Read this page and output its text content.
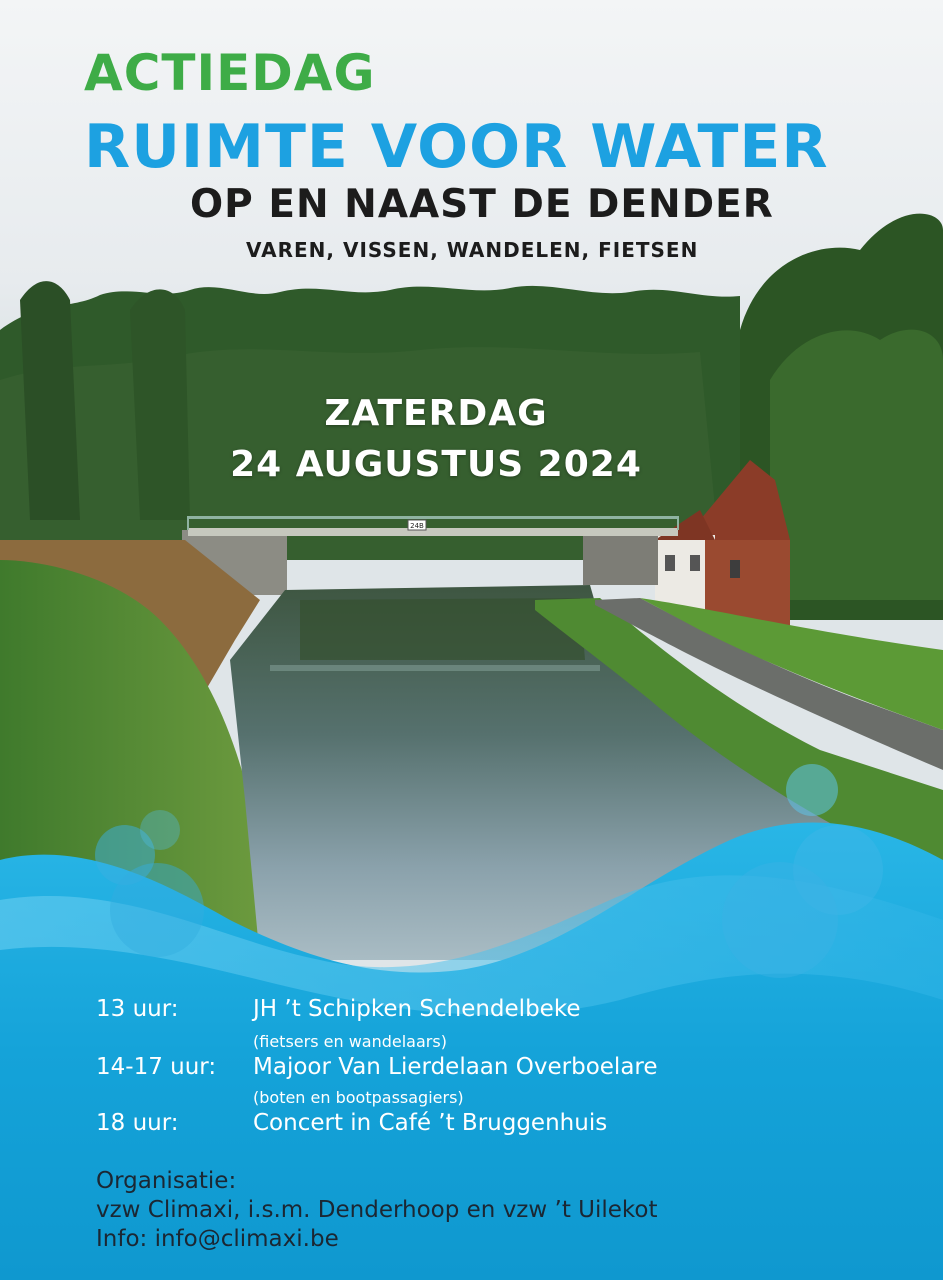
ACTIEDAG
RUIMTE VOOR WATER
OP EN NAAST DE DENDER
VAREN, VISSEN, WANDELEN, FIETSEN
ZATERDAG
24 AUGUSTUS 2024
13 uur:	JH ’t Schipken Schendelbeke
(fietsers en wandelaars)
14-17 uur: Majoor Van Lierdelaan Overboelare
(boten en bootpassagiers)
18 uur:	Concert in Café ’t Bruggenhuis
Organisatie:
vzw Climaxi, i.s.m. Denderhoop en vzw ’t Uilekot
Info: info@climaxi.be
24B
